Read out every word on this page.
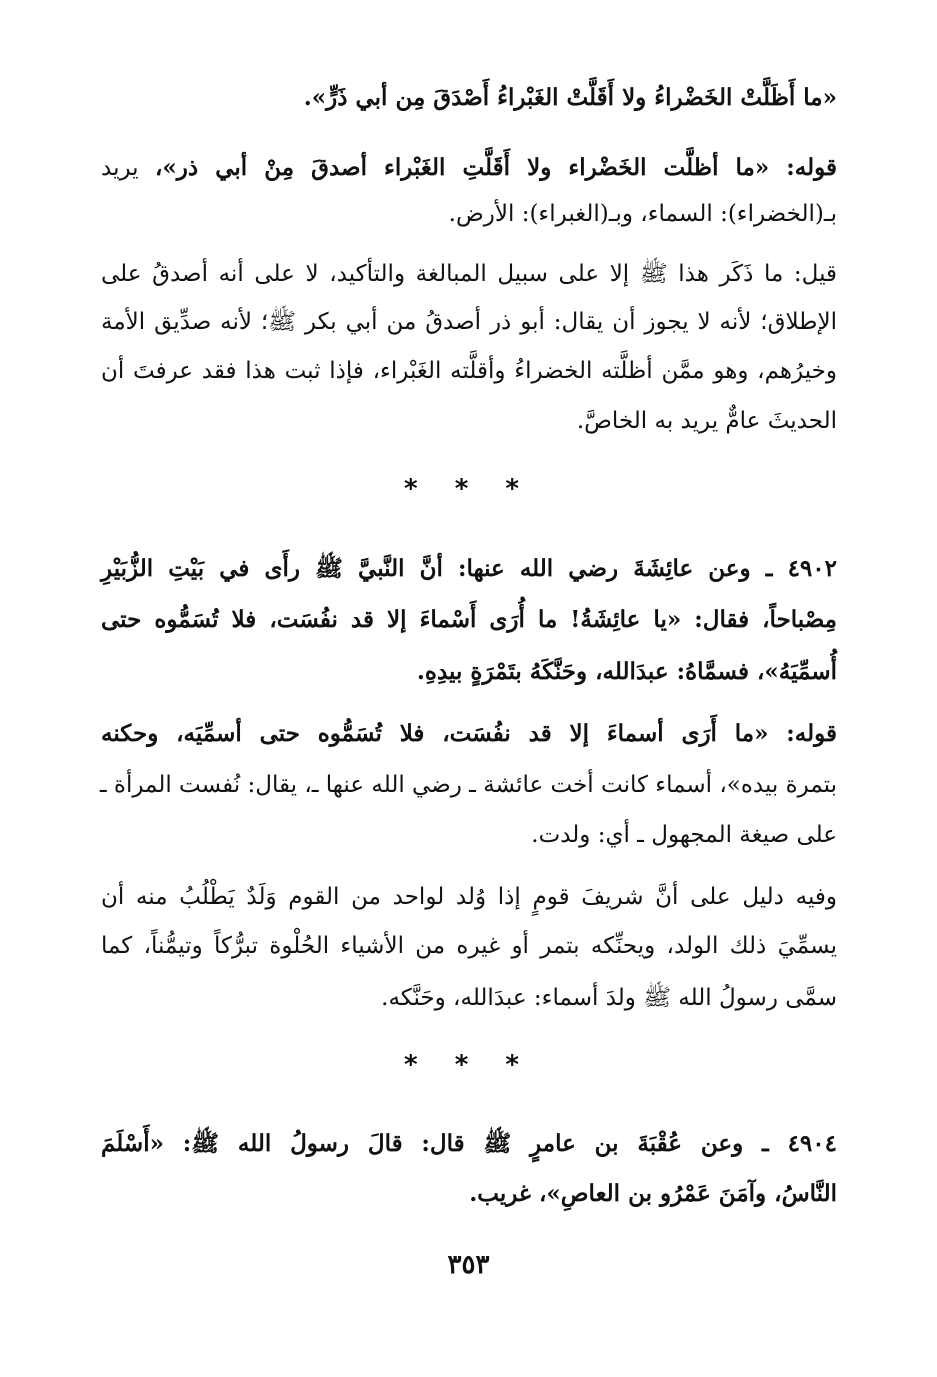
«ما أَظَلَّتْ الخَضْراءُ ولا أَقَلَّتْ الغَبْراءُ أَصْدَقَ مِن أبي ذَرٍّ».
قوله: «ما أظلَّت الخَضْراء ولا أَقَلَّتِ الغَبْراء أصدقَ مِنْ أبي ذر»، يريد
بـ(الخضراء): السماء، وبـ(الغبراء): الأرض.
قيل: ما ذَكَر هذا ﷺ إلا على سبيل المبالغة والتأكيد، لا على أنه أصدقُ على
الإطلاق؛ لأنه لا يجوز أن يقال: أبو ذر أصدقُ من أبي بكر ﷺ؛ لأنه صدِّيق الأمة
وخيرُهم، وهو ممَّن أظلَّته الخضراءُ وأقلَّته الغَبْراء، فإذا ثبت هذا فقد عرفتَ أن
الحديثَ عامٌّ يريد به الخاصَّ.
* * *
٤٩٠٢ ـ وعن عائِشَةَ رضي الله عنها: أنَّ النَّبيَّ ﷺ رأَى في بَيْتِ الزُّبَيْرِ
مِصْباحاً، فقال: «يا عائِشَةُ! ما أُرَى أَسْماءَ إلا قد نفُسَت، فلا تُسَمُّوه حتى
أُسمِّيَهُ»، فسمَّاهُ: عبدَالله، وحَنَّكَهُ بتَمْرَةٍ بيدِهِ.
قوله: «ما أَرَى أسماءَ إلا قد نفُسَت، فلا تُسَمُّوه حتى أسمِّيَه، وحكنه
بتمرة بيده»، أسماء كانت أخت عائشة ـ رضي الله عنها ـ، يقال: نُفست المرأة ـ
على صيغة المجهول ـ أي: ولدت.
وفيه دليل على أنَّ شريفَ قومٍ إذا وُلد لواحد من القوم وَلَدٌ يَطْلُبُ منه أن
يسمِّيَ ذلك الولد، ويحنِّكه بتمر أو غيره من الأشياء الحُلْوة تبرُّكاً وتيمُّناً، كما
سمَّى رسولُ الله ﷺ ولدَ أسماء: عبدَالله، وحَنَّكه.
* * *
٤٩٠٤ ـ وعن عُقْبَةَ بن عامرٍ ﷺ قال: قالَ رسولُ الله ﷺ: «أَسْلَمَ
النَّاسُ، وآمَنَ عَمْرُو بن العاصِ»، غريب.
٣٥٣
